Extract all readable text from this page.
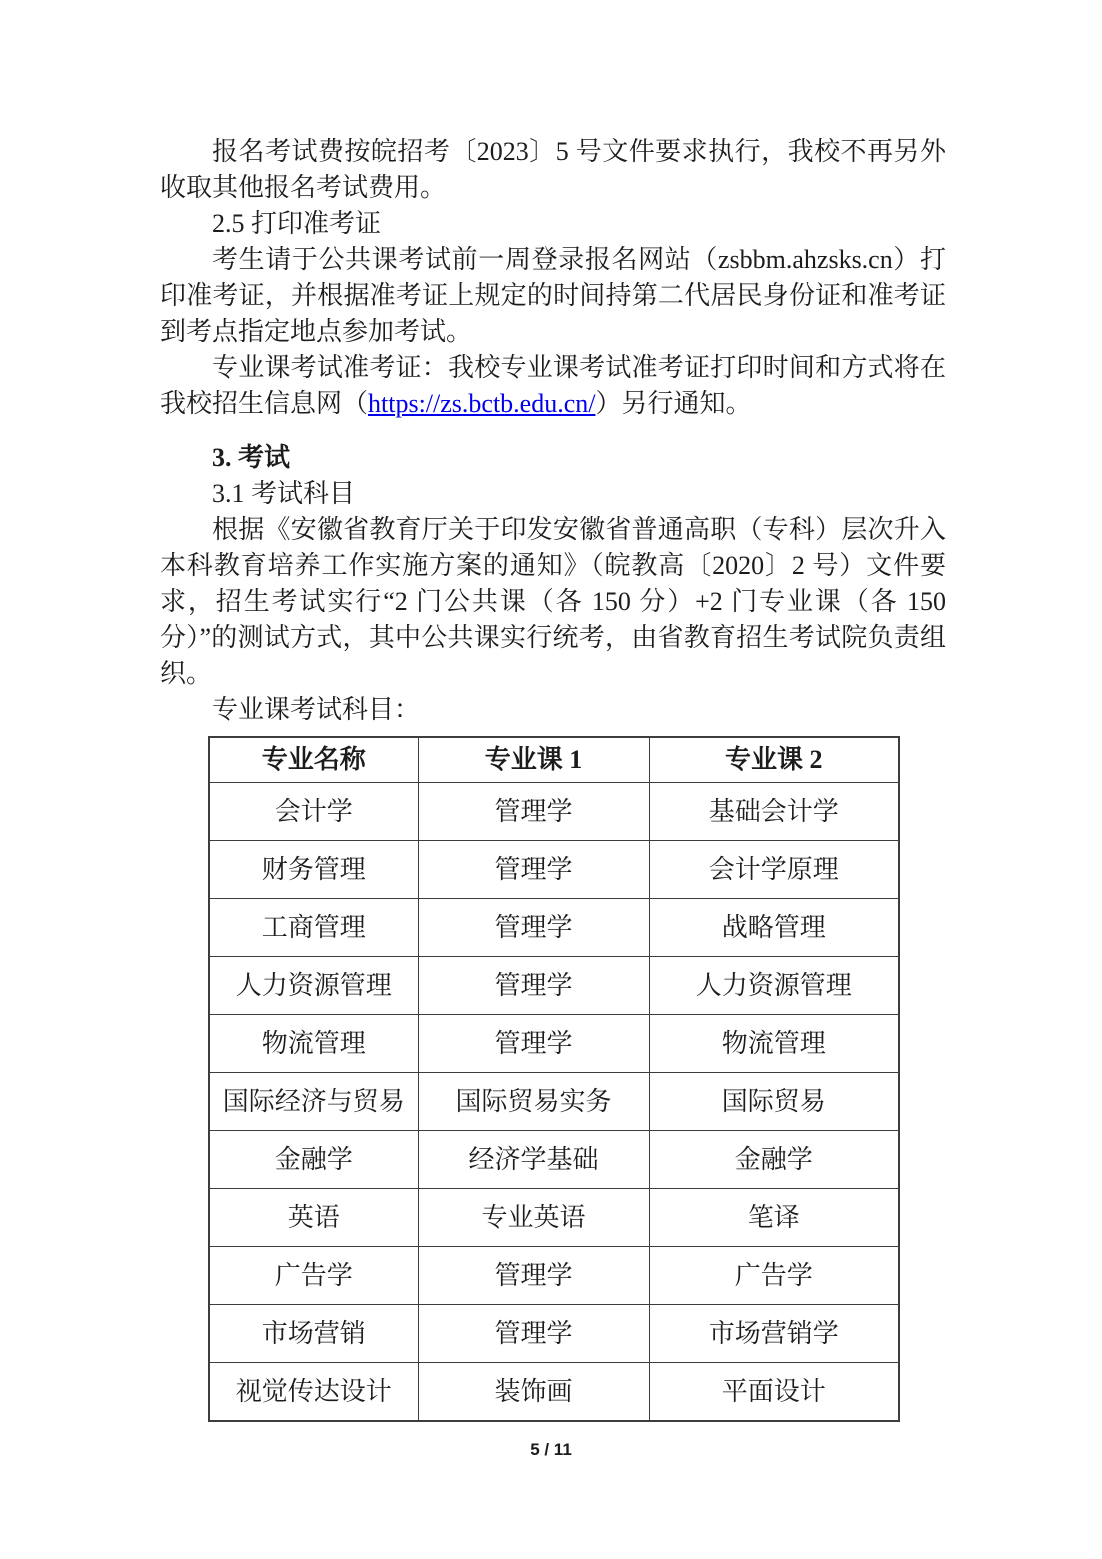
报名考试费按皖招考〔2023〕5 号文件要求执行，我校不再另外收取其他报名考试费用。

2.5 打印准考证

考生请于公共课考试前一周登录报名网站（zsbbm.ahzsks.cn）打印准考证，并根据准考证上规定的时间持第二代居民身份证和准考证到考点指定地点参加考试。

专业课考试准考证：我校专业课考试准考证打印时间和方式将在我校招生信息网（https://zs.bctb.edu.cn/）另行通知。

3. 考试

3.1 考试科目

根据《安徽省教育厅关于印发安徽省普通高职（专科）层次升入本科教育培养工作实施方案的通知》（皖教高〔2020〕2 号）文件要求，招生考试实行“2 门公共课（各 150 分）+2 门专业课（各 150 分）”的测试方式，其中公共课实行统考，由省教育招生考试院负责组织。

专业课考试科目：

专业名称	专业课 1	专业课 2
会计学	管理学	基础会计学
财务管理	管理学	会计学原理
工商管理	管理学	战略管理
人力资源管理	管理学	人力资源管理
物流管理	管理学	物流管理
国际经济与贸易	国际贸易实务	国际贸易
金融学	经济学基础	金融学
英语	专业英语	笔译
广告学	管理学	广告学
市场营销	管理学	市场营销学
视觉传达设计	装饰画	平面设计
5 / 11
